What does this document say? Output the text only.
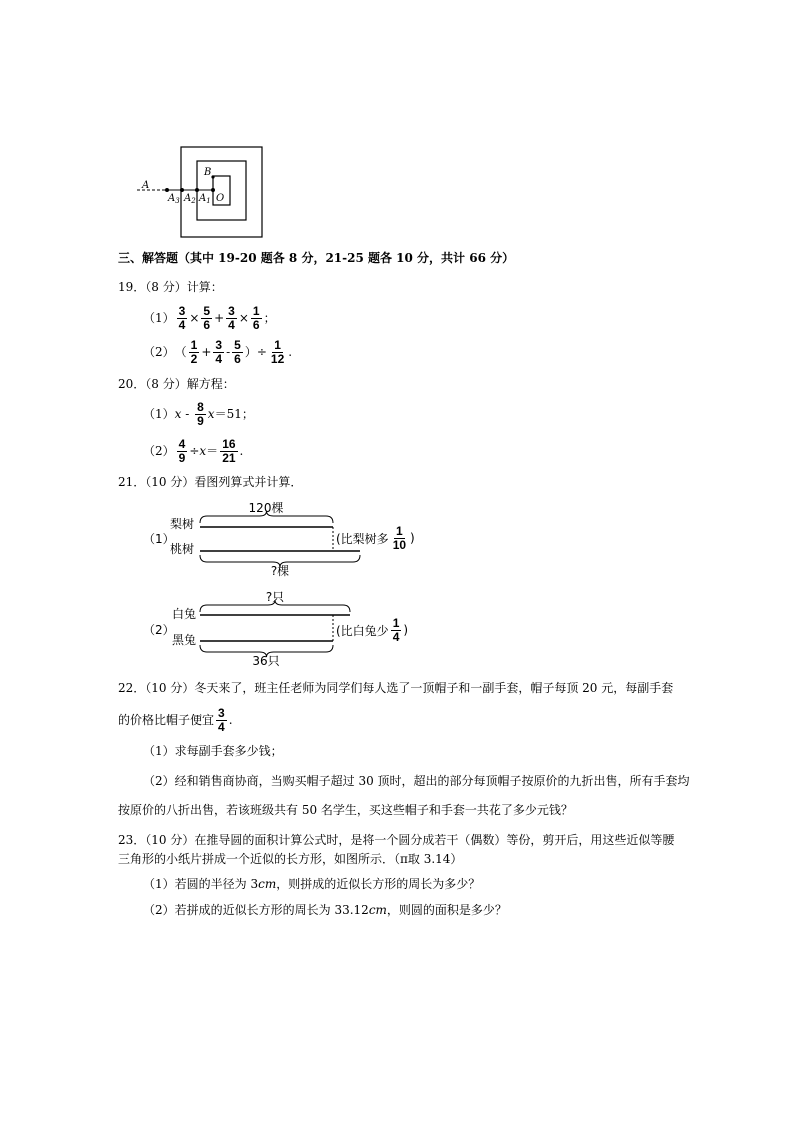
A
$A_3$ $A_2$ $A_1$ O
B
三、解答题（其中 19-20 题各 8 分，21-25 题各 10 分，共计 66 分）
19．（8 分）计算：
$(1) \frac{3}{4} \times \frac{5}{6} + \frac{3}{4} \times \frac{1}{6}$ ；
（2） （ $\frac{1}{2} + \frac{3}{4} - \frac{5}{6}$ ）÷ $\frac{1}{12}$ .
20．（8 分）解方程：
（1） x - $\frac{8}{9}$ x ＝51；
$(2) \frac{4}{9} \div x = \frac{16}{21}$ .
21．（10 分）看图列算式并计算．
（1）
梨树
桃树
120棵
?棵
(比梨树多 $\frac{1}{10}$ )
（2）
白兔
黑兔
?只
36只
(比白兔少 $\frac{1}{4}$ )
22．（10 分）冬天来了，班主任老师为同学们每人选了一顶帽子和一副手套，帽子每顶 20 元，每副手套
的价格比帽子便宜 $\frac{3}{4}$ .
（1）求每副手套多少钱；
（2）经和销售商协商，当购买帽子超过 30 顶时，超出的部分每顶帽子按原价的九折出售，所有手套均
按原价的八折出售，若该班级共有 50 名学生，买这些帽子和手套一共花了多少元钱？
23．（10 分）在推导圆的面积计算公式时，是将一个圆分成若干（偶数）等份，剪开后，用这些近似等腰
三角形的小纸片拼成一个近似的长方形，如图所示．（π取 3.14）
（1）若圆的半径为 3 cm ，则拼成的近似长方形的周长为多少？
（2）若拼成的近似长方形的周长为 33.12 cm ，则圆的面积是多少？
